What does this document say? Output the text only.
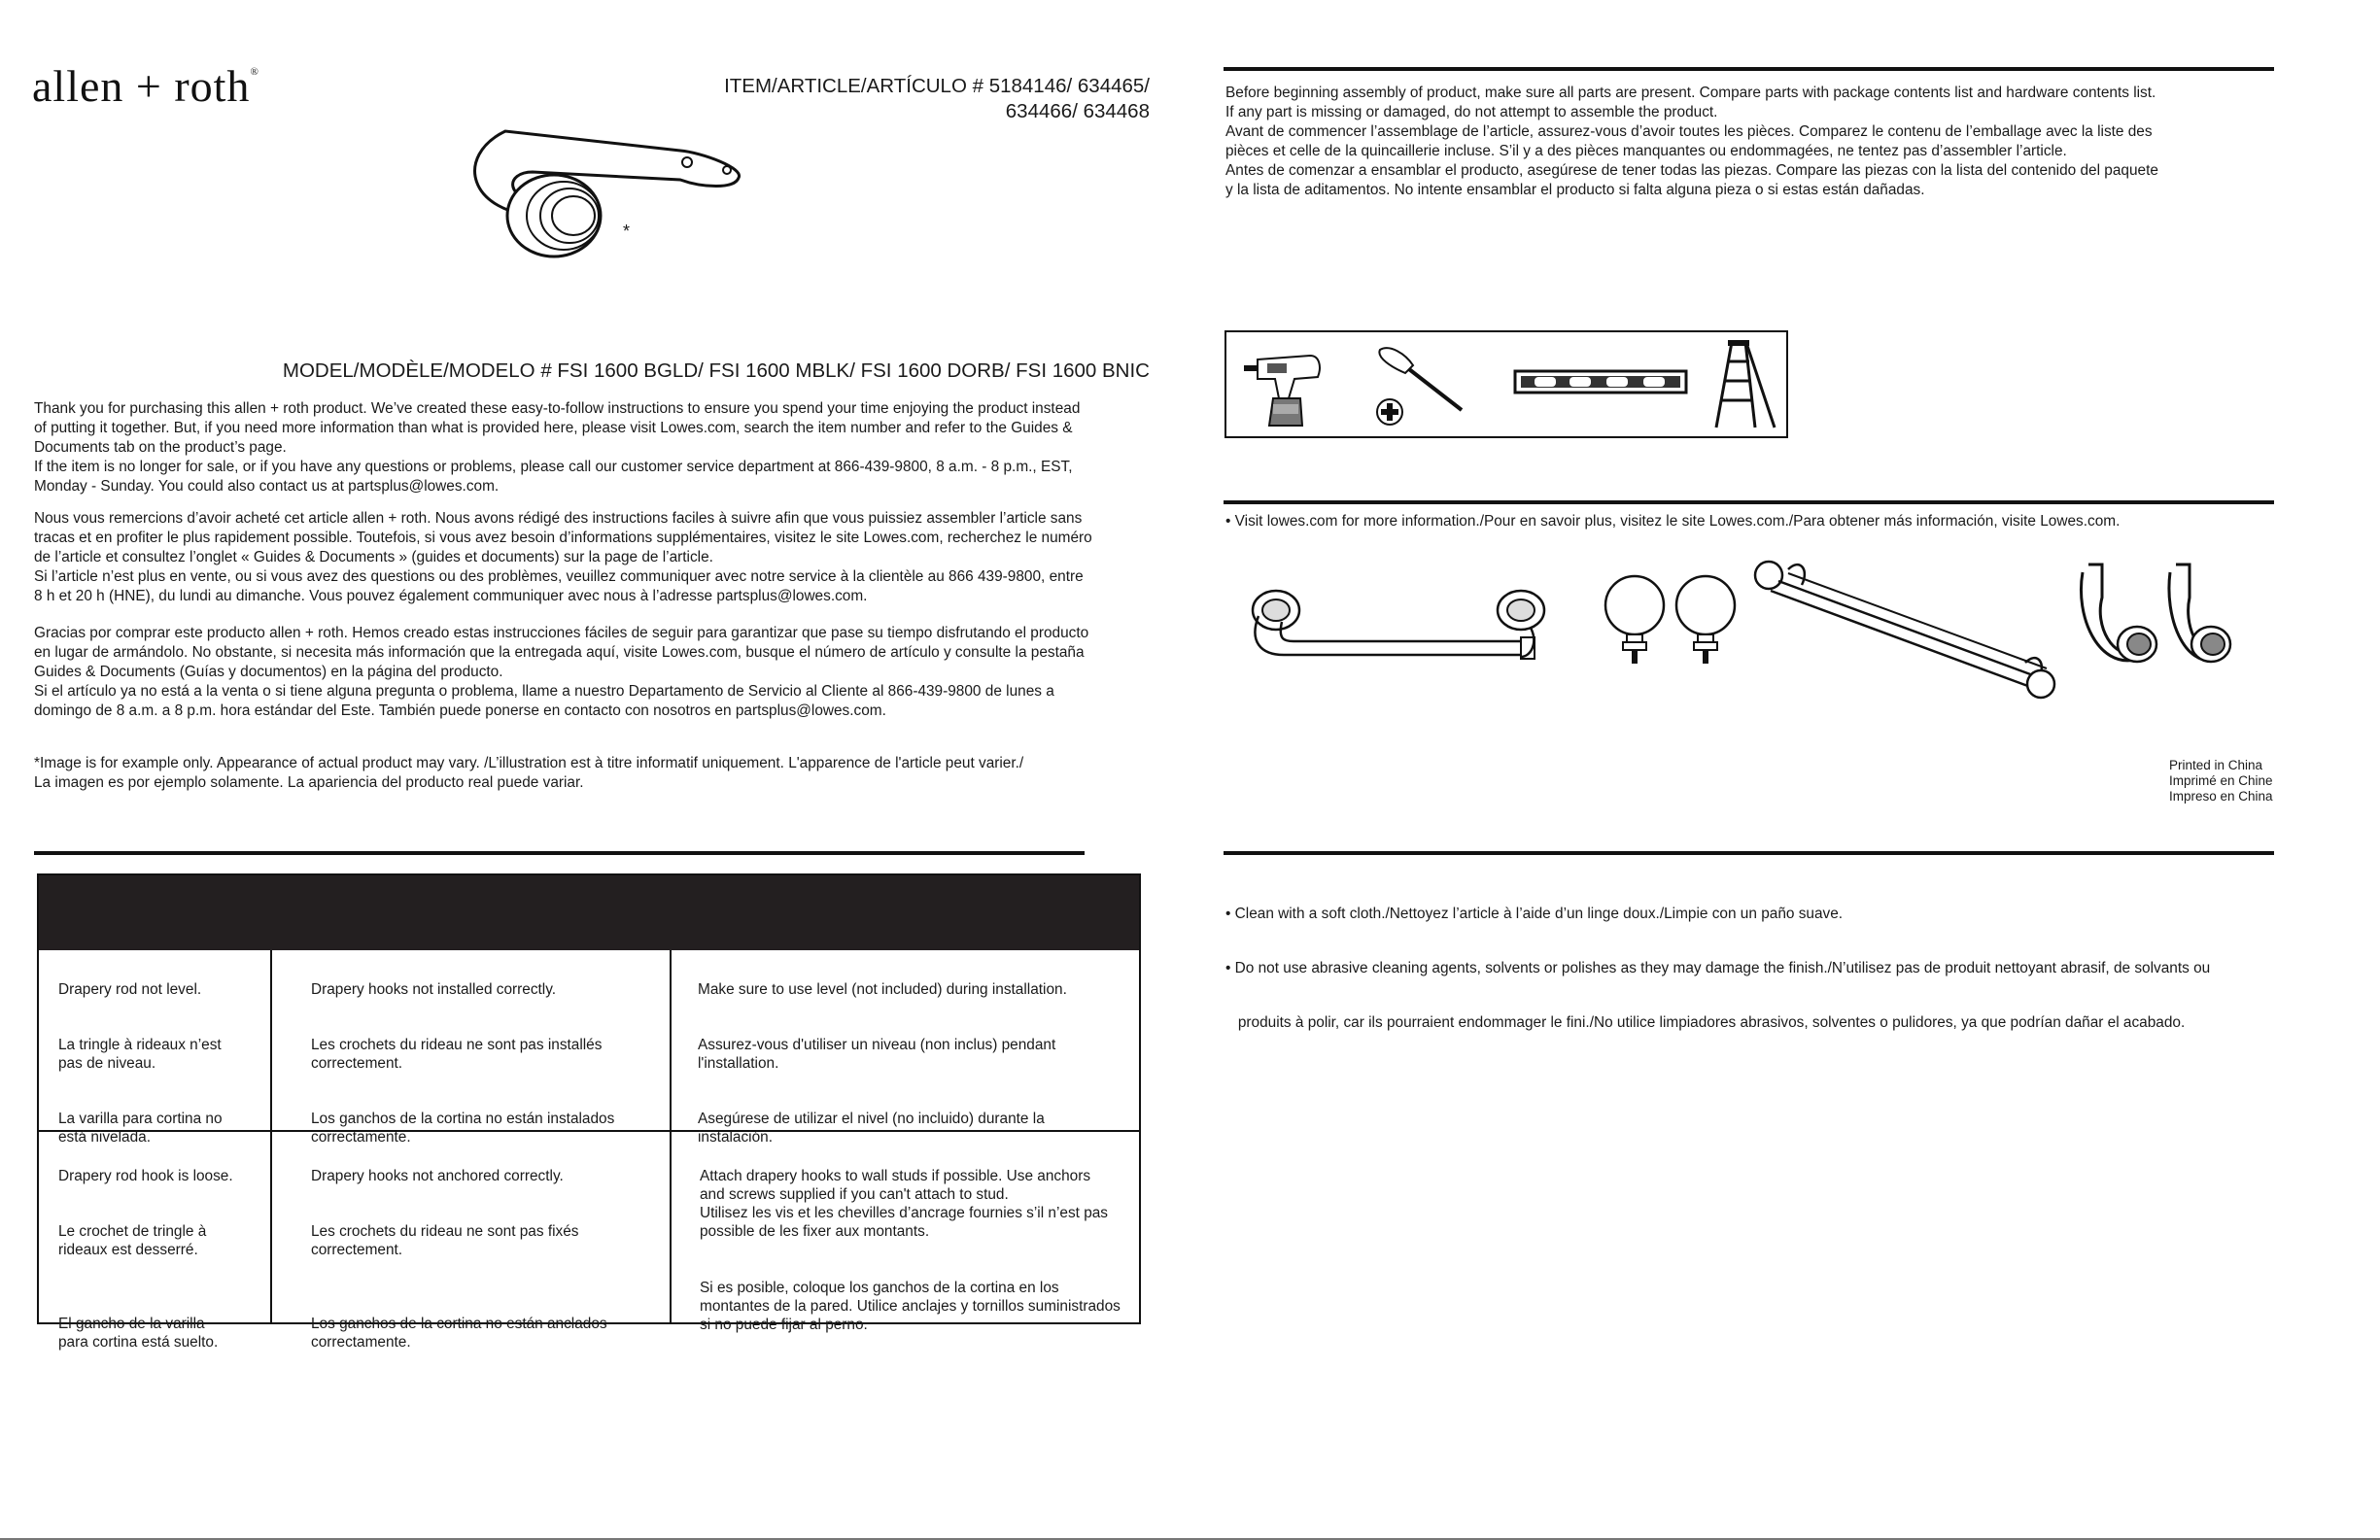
allen + roth®
ITEM/ARTICLE/ARTÍCULO # 5184146/ 634465/
634466/ 634468
*
MODEL/MODÈLE/MODELO # FSI 1600 BGLD/ FSI 1600 MBLK/ FSI 1600 DORB/ FSI 1600 BNIC

Thank you for purchasing this allen + roth product. We’ve created these easy-to-follow instructions to ensure you spend your time enjoying the product instead

of putting it together. But, if you need more information than what is provided here, please visit Lowes.com, search the item number and refer to the Guides &

Documents tab on the product’s page.

If the item is no longer for sale, or if you have any questions or problems, please call our customer service department at 866-439-9800, 8 a.m. - 8 p.m., EST,

Monday - Sunday. You could also contact us at partsplus@lowes.com.

Nous vous remercions d’avoir acheté cet article allen + roth. Nous avons rédigé des instructions faciles à suivre afin que vous puissiez assembler l’article sans

tracas et en profiter le plus rapidement possible. Toutefois, si vous avez besoin d’informations supplémentaires, visitez le site Lowes.com, recherchez le numéro

de l’article et consultez l’onglet « Guides & Documents » (guides et documents) sur la page de l’article.

Si l’article n’est plus en vente, ou si vous avez des questions ou des problèmes, veuillez communiquer avec notre service à la clientèle au 866 439-9800, entre

8 h et 20 h (HNE), du lundi au dimanche. Vous pouvez également communiquer avec nous à l’adresse partsplus@lowes.com.

Gracias por comprar este producto allen + roth. Hemos creado estas instrucciones fáciles de seguir para garantizar que pase su tiempo disfrutando el producto

en lugar de armándolo. No obstante, si necesita más información que la entregada aquí, visite Lowes.com, busque el número de artículo y consulte la pestaña

Guides & Documents (Guías y documentos) en la página del producto.

Si el artículo ya no está a la venta o si tiene alguna pregunta o problema, llame a nuestro Departamento de Servicio al Cliente al 866-439-9800 de lunes a

domingo de 8 a.m. a 8 p.m. hora estándar del Este. También puede ponerse en contacto con nosotros en partsplus@lowes.com.

*Image is for example only. Appearance of actual product may vary. /L’illustration est à titre informatif uniquement. L'apparence de l'article peut varier./

La imagen es por ejemplo solamente. La apariencia del producto real puede variar.

Drapery rod not level.

La tringle à rideaux n’est
pas de niveau.

La varilla para cortina no
está nivelada.

Drapery hooks not installed correctly.

Les crochets du rideau ne sont pas installés
correctement.

Los ganchos de la cortina no están instalados
correctamente.

Make sure to use level (not included) during installation.

Assurez-vous d'utiliser un niveau (non inclus) pendant
l'installation.

Asegúrese de utilizar el nivel (no incluido) durante la
instalación.

Drapery rod hook is loose.

Le crochet de tringle à
rideaux est desserré.

El gancho de la varilla
para cortina está suelto.

Drapery hooks not anchored correctly.

Les crochets du rideau ne sont pas fixés
correctement.

Los ganchos de la cortina no están anclados
correctamente.

Attach drapery hooks to wall studs if possible. Use anchors
and screws supplied if you can't attach to stud.
Utilisez les vis et les chevilles d’ancrage fournies s’il n’est pas
possible de les fixer aux montants.

Si es posible, coloque los ganchos de la cortina en los
montantes de la pared. Utilice anclajes y tornillos suministrados
si no puede fijar al perno.

Before beginning assembly of product, make sure all parts are present. Compare parts with package contents list and hardware contents list.

If any part is missing or damaged, do not attempt to assemble the product.

Avant de commencer l’assemblage de l’article, assurez-vous d’avoir toutes les pièces. Comparez le contenu de l’emballage avec la liste des

pièces et celle de la quincaillerie incluse. S’il y a des pièces manquantes ou endommagées, ne tentez pas d’assembler l’article.

Antes de comenzar a ensamblar el producto, asegúrese de tener todas las piezas. Compare las piezas con la lista del contenido del paquete

y la lista de aditamentos. No intente ensamblar el producto si falta alguna pieza o si estas están dañadas.

• Visit lowes.com for more information./Pour en savoir plus, visitez le site Lowes.com./Para obtener más información, visite Lowes.com.

Printed in China
Imprimé en Chine
Impreso en China

• Clean with a soft cloth./Nettoyez l’article à l’aide d’un linge doux./Limpie con un paño suave.

• Do not use abrasive cleaning agents, solvents or polishes as they may damage the finish./N’utilisez pas de produit nettoyant abrasif, de solvants ou

produits à polir, car ils pourraient endommager le fini./No utilice limpiadores abrasivos, solventes o pulidores, ya que podrían dañar el acabado.
